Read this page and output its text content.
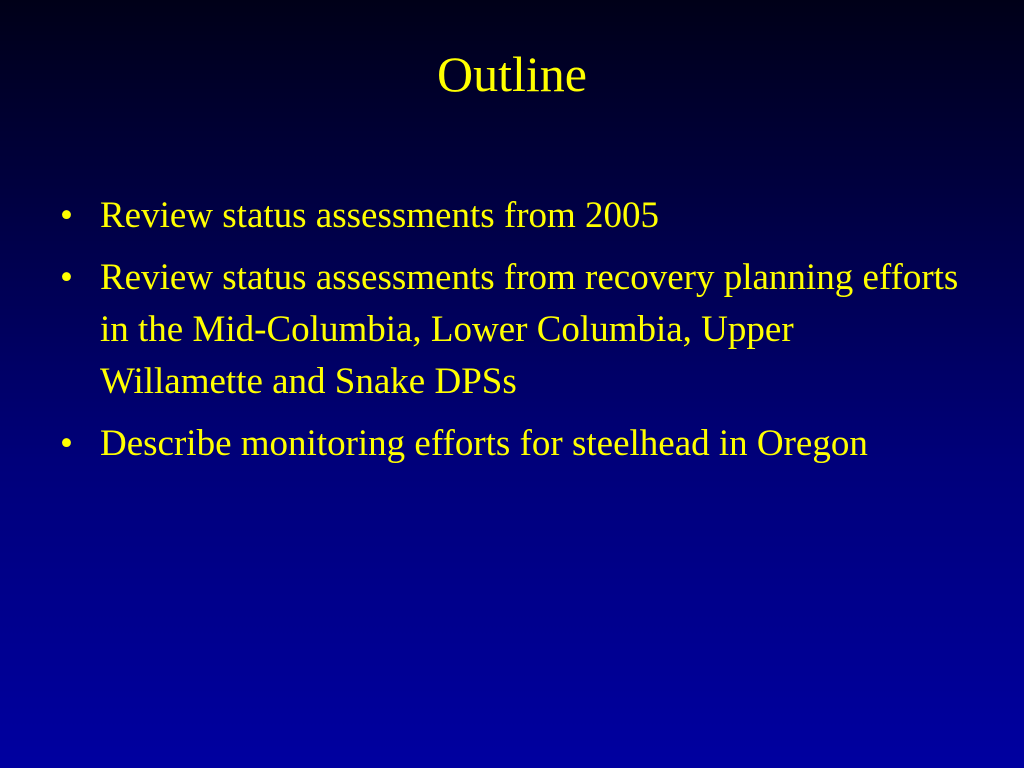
Outline
• Review status assessments from 2005
• Review status assessments from recovery planning efforts in the Mid-Columbia, Lower Columbia, Upper Willamette and Snake DPSs
• Describe monitoring efforts for steelhead in Oregon
